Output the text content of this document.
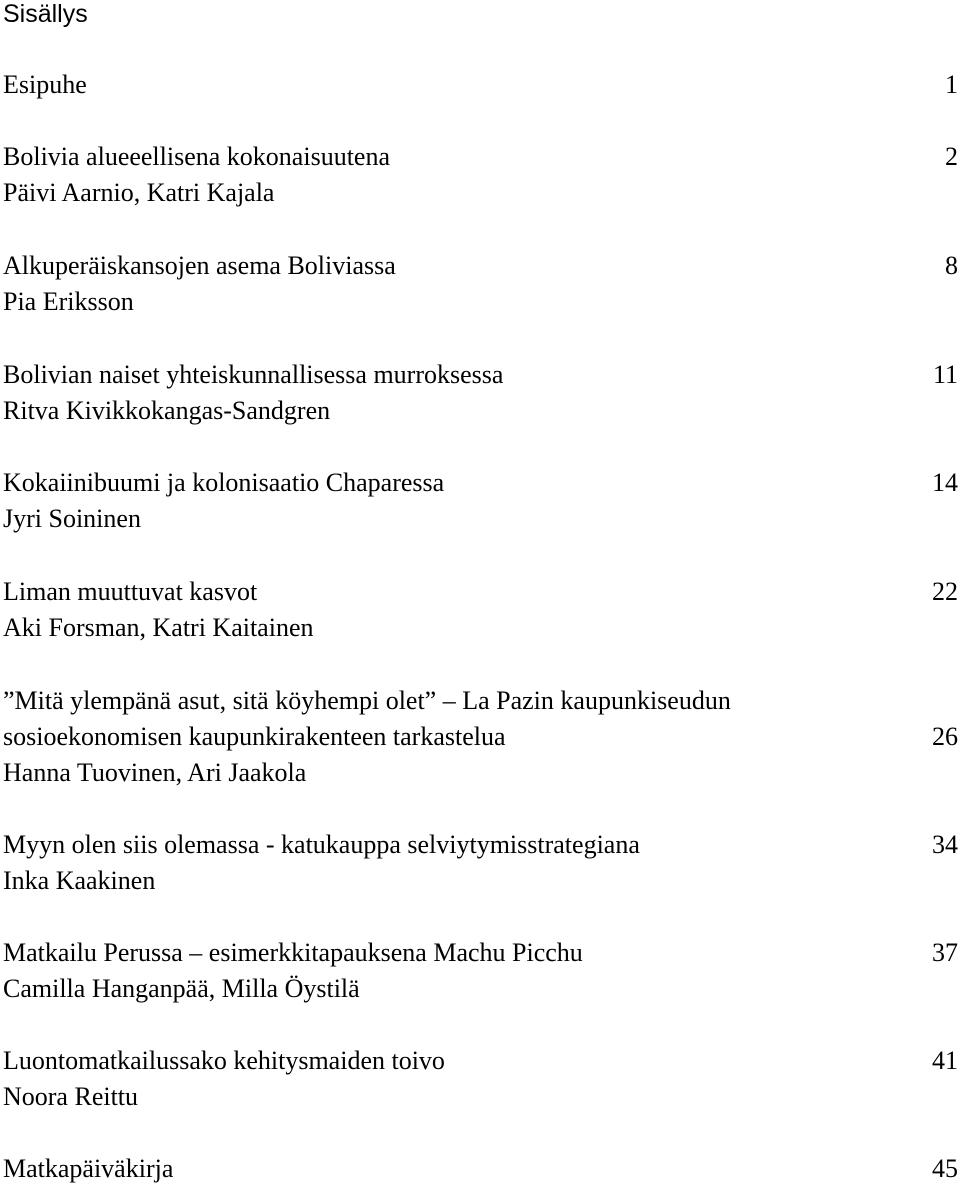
Sisällys
Esipuhe	1
Bolivia alueeellisena kokonaisuutena	2
Päivi Aarnio, Katri Kajala
Alkuperäiskansojen asema Boliviassa	8
Pia Eriksson
Bolivian naiset yhteiskunnallisessa murroksessa	11
Ritva Kivikkokangas-Sandgren
Kokaiinibuumi ja kolonisaatio Chaparessa	14
Jyri Soininen
Liman muuttuvat kasvot	22
Aki Forsman, Katri Kaitainen
”Mitä ylempänä asut, sitä köyhempi olet” – La Pazin kaupunkiseudun
sosioekonomisen kaupunkirakenteen tarkastelua	26
Hanna Tuovinen, Ari Jaakola
Myyn olen siis olemassa - katukauppa selviytymisstrategiana	34
Inka Kaakinen
Matkailu Perussa – esimerkkitapauksena Machu Picchu	37
Camilla Hanganpää, Milla Öystilä
Luontomatkailussako kehitysmaiden toivo	41
Noora Reittu
Matkapäiväkirja	45
